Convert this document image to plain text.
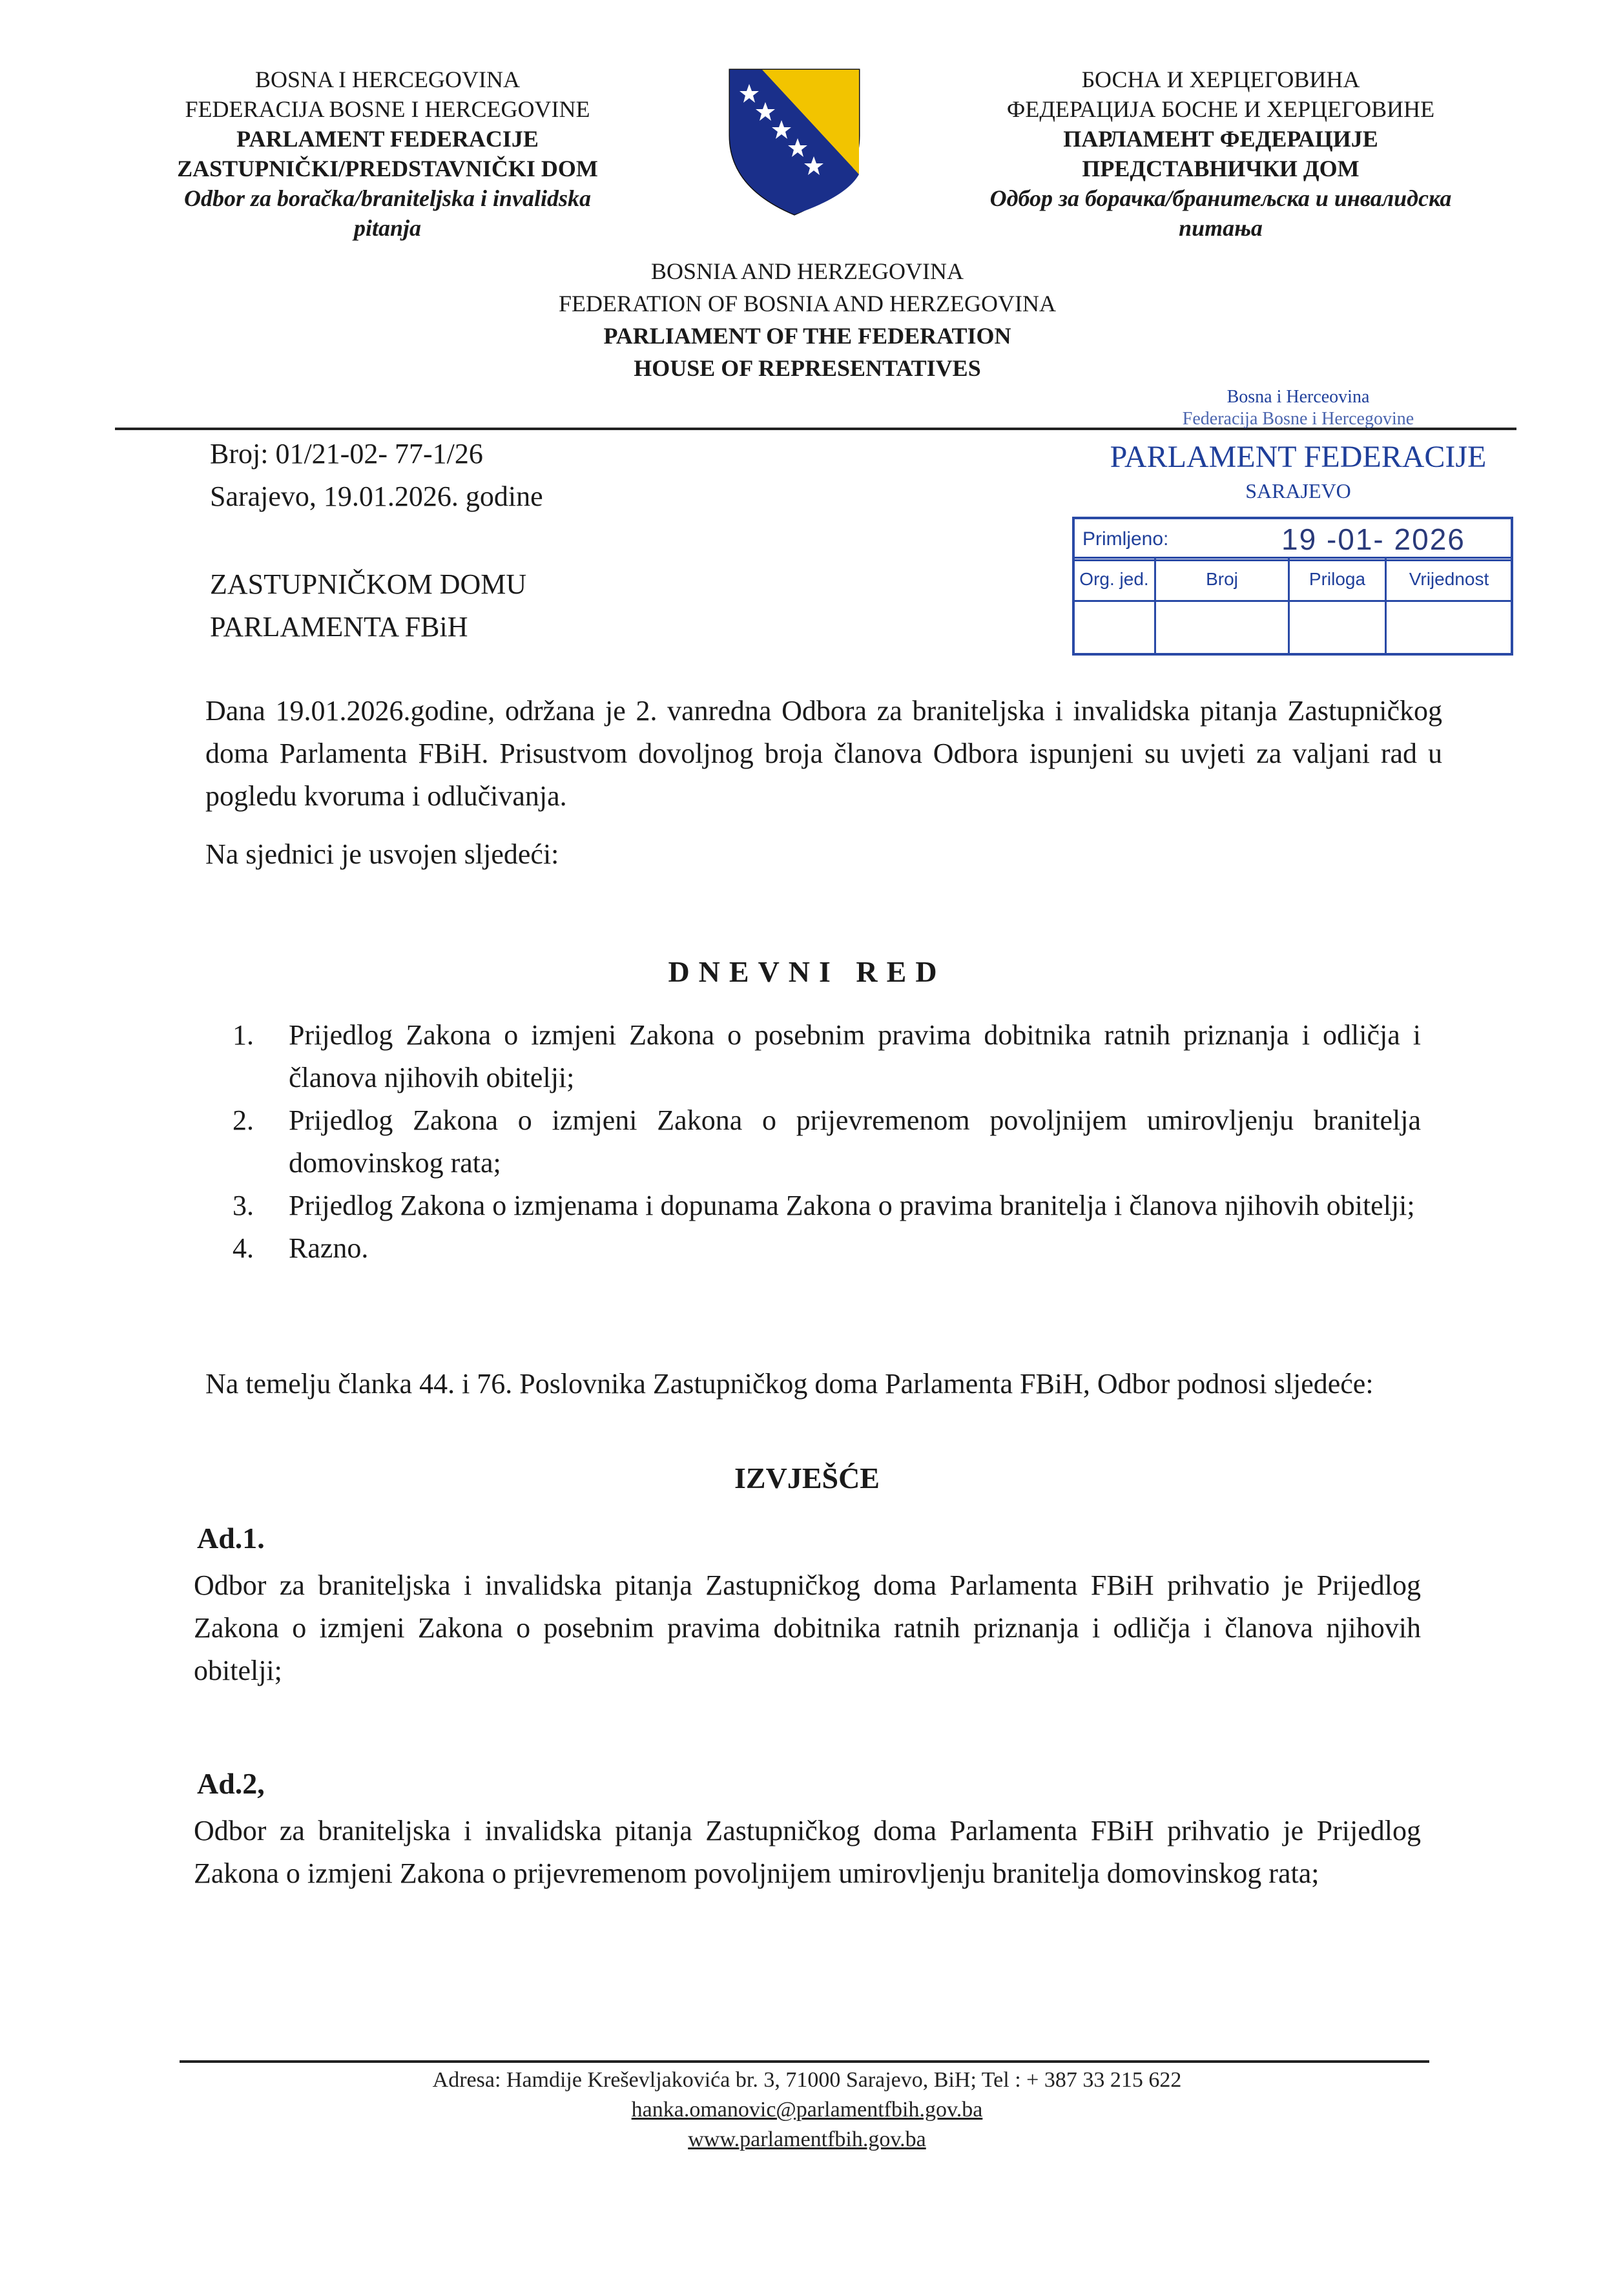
BOSNA I HERCEGOVINA
FEDERACIJA BOSNE I HERCEGOVINE
PARLAMENT FEDERACIJE
ZASTUPNIČKI/PREDSTAVNIČKI DOM
Odbor za boračka/braniteljska i invalidska
pitanja
БОСНА И ХЕРЦЕГОВИНА
ФЕДЕРАЦИЈА БОСНЕ И ХЕРЦЕГОВИНЕ
ПАРЛАМЕНТ ФЕДЕРАЦИЈЕ
ПРЕДСТАВНИЧКИ ДОМ
Одбор за борачка/бранитељска и инвалидска
питања
BOSNIA AND HERZEGOVINA
FEDERATION OF BOSNIA AND HERZEGOVINA
PARLIAMENT OF THE FEDERATION
HOUSE OF REPRESENTATIVES
Broj: 01/21-02- 77-1/26
Sarajevo, 19.01.2026. godine
ZASTUPNIČKOM DOMU
PARLAMENTA FBiH
Bosna i Herceovina
Federacija Bosne i Hercegovine
PARLAMENT FEDERACIJE
SARAJEVO
Primljeno:	19 -01- 2026
Org. jed.	Broj	Priloga	Vrijednost
Dana 19.01.2026.godine, održana je 2. vanredna Odbora za braniteljska i invalidska pitanja Zastupničkog doma Parlamenta FBiH. Prisustvom dovoljnog broja članova Odbora ispunjeni su uvjeti za valjani rad u pogledu kvoruma i odlučivanja.
Na sjednici je usvojen sljedeći:
DNEVNI RED
1.	Prijedlog Zakona o izmjeni Zakona o posebnim pravima dobitnika ratnih priznanja i odličja i članova njihovih obitelji;
2.	Prijedlog Zakona o izmjeni Zakona o prijevremenom povoljnijem umirovljenju branitelja domovinskog rata;
3.	Prijedlog Zakona o izmjenama i dopunama Zakona o pravima branitelja i članova njihovih obitelji;
4.	Razno.
Na temelju članka 44. i 76. Poslovnika Zastupničkog doma Parlamenta FBiH, Odbor podnosi sljedeće:
IZVJEŠĆE
Ad.1.
Odbor za braniteljska i invalidska pitanja Zastupničkog doma Parlamenta FBiH prihvatio je Prijedlog Zakona o izmjeni Zakona o posebnim pravima dobitnika ratnih priznanja i odličja i članova njihovih obitelji;
Ad.2,
Odbor za braniteljska i invalidska pitanja Zastupničkog doma Parlamenta FBiH prihvatio je Prijedlog Zakona o izmjeni Zakona o prijevremenom povoljnijem umirovljenju branitelja domovinskog rata;
Adresa: Hamdije Kreševljakovića br. 3, 71000 Sarajevo, BiH; Tel : + 387 33 215 622
hanka.omanovic@parlamentfbih.gov.ba
www.parlamentfbih.gov.ba
